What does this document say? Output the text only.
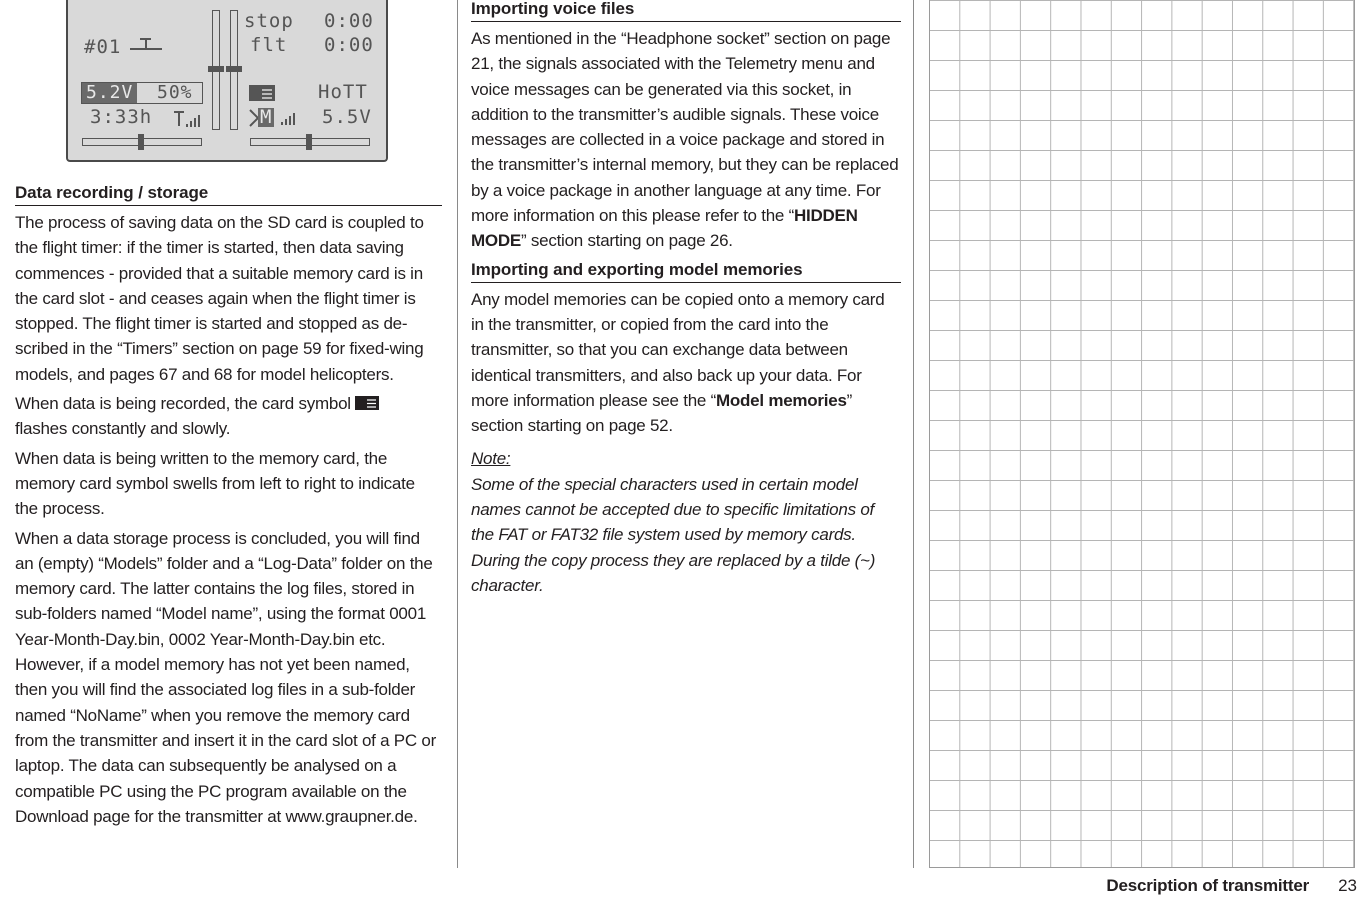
#01
stop 0:00
flt 0:00
5.2V 50%
3:33h
HoTT
M	5.5V
Data recording / storage

The process of saving data on the SD card is coupled to the flight timer: if the timer is started, then data saving commences - provided that a suitable memory card is in the card slot - and ceases again when the flight timer is stopped. The flight timer is started and stopped as de-scribed in the “Timers” section on page 59 for fixed-wing models, and pages 67 and 68 for model helicopters.

When data is being recorded, the card symbol
flashes constantly and slowly.

When data is being written to the memory card, the memory card symbol swells from left to right to indicate the process.

When a data storage process is concluded, you will find an (empty) “Models” folder and a “Log-Data” folder on the memory card. The latter contains the log files, stored in sub-folders named “Model name”, using the format 0001 Year-Month-Day.bin, 0002 Year-Month-Day.bin etc. However, if a model memory has not yet been named, then you will find the associated log files in a sub-folder named “NoName” when you remove the memory card from the transmitter and insert it in the card slot of a PC or laptop. The data can subsequently be analysed on a compatible PC using the PC program available on the Download page for the transmitter at www.graupner.de.

Importing voice files

As mentioned in the “Headphone socket” section on page 21, the signals associated with the Telemetry menu and voice messages can be generated via this socket, in addition to the transmitter’s audible signals. These voice messages are collected in a voice package and stored in the transmitter’s internal memory, but they can be replaced by a voice package in another language at any time. For more information on this please refer to the “HIDDEN MODE” section starting on page 26.

Importing and exporting model memories

Any model memories can be copied onto a memory card in the transmitter, or copied from the card into the transmitter, so that you can exchange data between identical transmitters, and also back up your data. For more information please see the “Model memories” section starting on page 52.

Note:

Some of the special characters used in certain model names cannot be accepted due to specific limitations of the FAT or FAT32 file system used by memory cards. During the copy process they are replaced by a tilde (~) character.

Description of transmitter 23
